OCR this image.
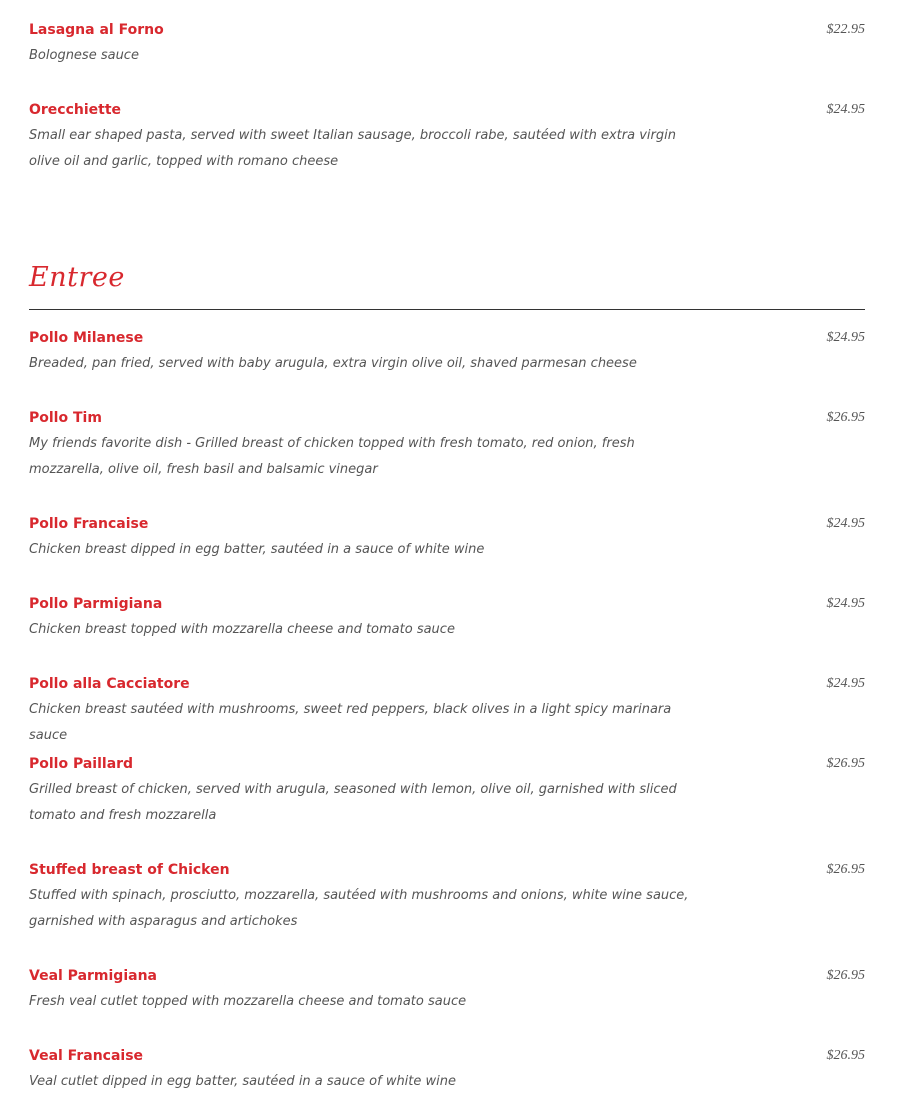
Lasagna al Forno	$22.95
Bolognese sauce
Orecchiette	$24.95
Small ear shaped pasta, served with sweet Italian sausage, broccoli rabe, sautéed with extra virgin olive oil and garlic, topped with romano cheese
Entree
Pollo Milanese	$24.95
Breaded, pan fried, served with baby arugula, extra virgin olive oil, shaved parmesan cheese
Pollo Tim	$26.95
My friends favorite dish - Grilled breast of chicken topped with fresh tomato, red onion, fresh mozzarella, olive oil, fresh basil and balsamic vinegar
Pollo Francaise	$24.95
Chicken breast dipped in egg batter, sautéed in a sauce of white wine
Pollo Parmigiana	$24.95
Chicken breast topped with mozzarella cheese and tomato sauce
Pollo alla Cacciatore	$24.95
Chicken breast sautéed with mushrooms, sweet red peppers, black olives in a light spicy marinara sauce
Pollo Paillard	$26.95
Grilled breast of chicken, served with arugula, seasoned with lemon, olive oil, garnished with sliced tomato and fresh mozzarella
Stuffed breast of Chicken	$26.95
Stuffed with spinach, prosciutto, mozzarella, sautéed with mushrooms and onions, white wine sauce, garnished with asparagus and artichokes
Veal Parmigiana	$26.95
Fresh veal cutlet topped with mozzarella cheese and tomato sauce
Veal Francaise	$26.95
Veal cutlet dipped in egg batter, sautéed in a sauce of white wine
